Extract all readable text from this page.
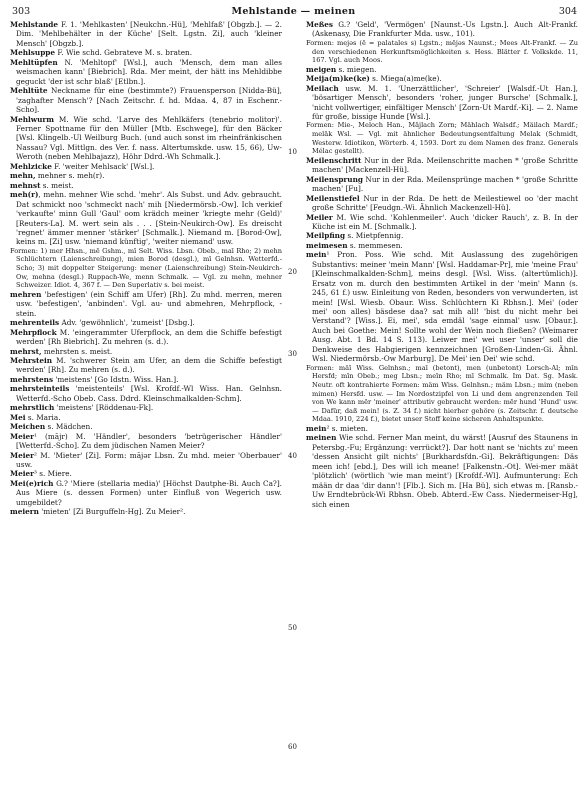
303	Mehlstande — meinen	304
Mehlstande F. 1. 'Mehlkasten' [Neukchn.-Hü], 'Mehlfaß' [Obgzb.]. — 2. Dim. 'Mehlbehälter in der Küche' [Selt. Lgstn. Zi], auch 'kleiner Mensch' [Obgzb.].
Mehlsuppe F. Wie schd. Gebrateve M. s. braten.
Mehltüpfen N. 'Mehltopf' [Wsl.], auch 'Mensch, dem man alles weismachen kann' [Biebrich]. Rda. Mer meint, der hätt ins Mehldibbe geguckt 'der ist schr blaß' [Etlbn.].
Mehltüte Neckname für eine (bestimmte?) Frauensperson [Nidda-Bü], 'zaghafter Mensch'? [Nach Zeitschr. f. hd. Mdaa. 4, 87 in Eschenr.-Scho].
Mehlwurm M. Wie schd. 'Larve des Mehlkäfers (tenebrio molitor)'. Ferner Spottname für den Müller [Mtb. Eschwege], für den Bäcker [Wsl. Klingelb.-Ul Weilburg Buch. (und auch sonst im rheinfränkischen Nassau? Vgl. Mittlgn. des Ver. f. nass. Altertumskde. usw. 15, 66), Uw-Weroth (neben Mehlbajazz), Höhr Ddrd.-Wh Schmalk.].
Mehlzicke F. 'weiter Mehlsack' [Wsl.].
mehn, mehner s. meh(r).
mehnst s. meist.
meh(r), mehn. mehner Wie schd. 'mehr'. Als Subst. und Adv. gebraucht. Dat schmickt noo 'schmeckt nach' mih [Niedermörsb.-Ow]. Ich verkief 'verkaufte' minn Gull 'Gaul' oom krädch meiner 'kriegte mehr (Geld)' [Reuters-La]. M. wert sein als . . . [Stein-Neukirch-Ow]. Es dreischt 'regnet' ämmer menner 'stärker' [Schmalk.]. Niemand m. [Borod-Ow], keins m. [Zi] usw. 'niemand künftig', 'weiter niemand' usw.
Formen: 1) mer Hhsn., mē Gshm., mī Selt. Wiss. Lbsn. Obeb., maī Rho; 2) mehn Schlüchtern (Laienschreibung), mien Borod (desgl.), mī Gelnhsn. Wetterfd.-Scho; 3) mit doppelter Steigerung: mener (Laienschreibung) Stein-Neukirch-Ow, mehna (desgl.) Ruppach-We, menn Schmalk. — Vgl. zu mehn, mehner Schweizer. Idiot. 4, 367 f. — Den Superlativ s. bei meist.
mehren 'befestigen' (ein Schiff am Ufer) [Rh]. Zu mhd. merren, meren usw. 'befestigen', 'anbinden'. Vgl. au- und abmehren, Mehrpflock, -stein.
mehrenteils Adv. 'gewöhnlich', 'zumeist' [Dsbg.].
Mehrpflock M. 'eingerammter Uferpflock, an dem die Schiffe befestigt werden' [Rh Biebrich]. Zu mehren (s. d.).
mehrst, mehrsten s. meist.
Mehrstein M. 'schwerer Stein am Ufer, an dem die Schiffe befestigt werden' [Rh]. Zu mehren (s. d.).
mehrstens 'meistens' [Go Idstn. Wiss. Han.].
mehrsteinteils 'meistenteils' [Wsl. Krofdf.-Wl Wiss. Han. Gelnhsn. Wetterfd.-Scho Obeb. Cass. Ddrd. Kleinschmalkalden-Schm].
mehrstlich 'meistens' [Röddenau-Fk].
Mei s. Maria.
Meichen s. Mädchen.
Meier¹ (mājr) M. 'Händler', besonders 'betrügerischer Händler' [Wetterfd.-Scho]. Zu dem jüdischen Namen Meier?
Meier² M. 'Mieter' [Zi]. Form: mājər Lbsn. Zu mhd. meier 'Oberbauer' usw.
Meier³ s. Miere.
Mei(e)rich G.? 'Miere (stellaria media)' [Höchst Dautphe-Bi. Auch Ca?]. Aus Miere (s. dessen Formen) unter Einfluß von Wegerich usw. umgebildet?
meiern 'mieten' [Zi Burguffeln-Hg]. Zu Meier².
Meßes G.? 'Geld', 'Vermögen' [Naunst.-Us Lgstn.]. Auch Alt-Frankf. (Askenasy, Die Frankfurter Mda. usw., 101).
Formen: mejəs (ē = palatales s) Lgstn.; mējəs Naunst.; Mees Alt-Frankf. — Zu den verschiedenen Herkunftsmöglichkeiten s. Hess. Blätter f. Volkskde. 11, 167. Vgl. auch Moos.
meigen s. miegen.
Meija(m)ke(ke) s. Miega(a)me(ke).
Meilach usw. M. 1. 'Unerzättlicher', 'Schreier' [Walsdf.-Ut Han.], 'bösartiger Mensch', besonders 'roher, junger Bursche' [Schmalk.], 'nicht vollwertiger, einfältiger Mensch' [Zorn-Ut Mardf.-Ki]. — 2. Name für große, bissige Hunde [Wsl.].
Formen: Mie-, Meloch Han., Mājlach Zorn; Mählach Walsdf.; Mäilach Mardf.; melāk Wsl. — Vgl. mit ähnlicher Bedeutungsentfaltung Melak (Schmidt, Westerw. Idiotikon, Wörterb. 4, 1593. Dort zu dem Namen des franz. Generals Mélac gestellt).
Meilenschritt Nur in der Rda. Meilenschritte machen * 'große Schritte machen' [Mackenzell-Hü].
Meilensprung Nur in der Rda. Meilensprünge machen * 'große Schritte machen' [Fu].
Meilenstiefel Nur in der Rda. De hett de Meilestiewel oo 'der macht große Schritte' [Feudgn.-Wi. Ähnlich Mackenzell-Hü].
Meiler M. Wie schd. 'Kohlenmeiler'. Auch 'dicker Rauch', z. B. In der Küche ist ein M. [Schmalk.].
Meilpfing s. Mietpfennig.
meimesen s. memmesen.
mein¹ Pron. Poss. Wie schd. Mit Auslassung des zugehörigen Substantivs: meiner 'mein Mann' [Wsl. Haddamar-Pr], mie 'meine Frau' [Kleinschmalkalden-Schm], meins desgl. [Wsl. Wiss. (altertümlich)]. Ersatz von m. durch den bestimmten Artikel in der 'mein' Mann (s. 245, 61 f.) usw. Einleitung von Reden, besonders von verwunderten, ist mein! [Wsl. Wiesb. Obaur. Wiss. Schlüchtern Ki Rbhsn.]. Mei' (oder mei' oon alles) bäsdese daa? sat mih all! 'bist du nicht mehr bei Verstand'? [Wiss.]. Ei, mei', sda emdäl 'sage einmal' usw. [Obaur.]. Auch bei Goethe: Mein! Sollte wohl der Wein noch fließen? (Weimarer Ausg. Abt. 1 Bd. 14 S. 113). Leiwer mei' wei user 'unser' soll die Denkweise des Habgierigen kennzeichnen [Großen-Linden-Gi. Ähnl. Wsl. Niedermörsb.-Ow Marburg]. De Mei' ien Dei' wie schd.
Formen: mäī Wiss. Gelnhsn.; maī (betont), men (unbetont) Lorsch-Al; mīn Hersfd; mīn Obeb.; meg Lbsn.; meīn Rho; mī Schmalk. Im Dat. Sg. Mask. Neutr. oft kontrahierte Formen: mäm Wiss. Gelnhsn.; mäm Lbsn.; mim (neben mimen) Hersfd. usw. — Im Nordostzipfel von Li und dem angrenzenden Teil von We kann mēr 'meiner' attributiv gebraucht werden: mēr hund 'Hund' usw. — Dafür, daß mein! (s. Z. 34 f.) nicht hierher gehöre (s. Zeitschr. f. deutsche Mdaa. 1910, 224 f.), bietet unser Stoff keine sicheren Anhaltspunkte.
mein² s. mieten.
meinen Wie schd. Ferner Man meint, du wärst! [Ausruf des Staunens in Petersbg.-Fu; Ergänzung: verrückt?]. Dar hott nant se 'nichts zu' meen 'dessen Ansicht gilt nichts' [Burkhardsfdn.-Gi]. Bekräftigungen: Däs meen ich! [ebd.], Des will ich meane! [Falkenstn.-Ot]. Wei-mer määt 'plötzlich' (wörtlich 'wie man meint') [Krofdf.-Wl]. Aufmunterung: Ech mään dr daa 'dir dann'! [Flb.]. Sich m. [Ha Bü], sich etwas m. [Ransb.-Uw Erndtebrück-Wi Rbhsn. Obeb. Abterd.-Ew Cass. Niedermeiser-Hg], sich einen
10
20
30
40
50
60
